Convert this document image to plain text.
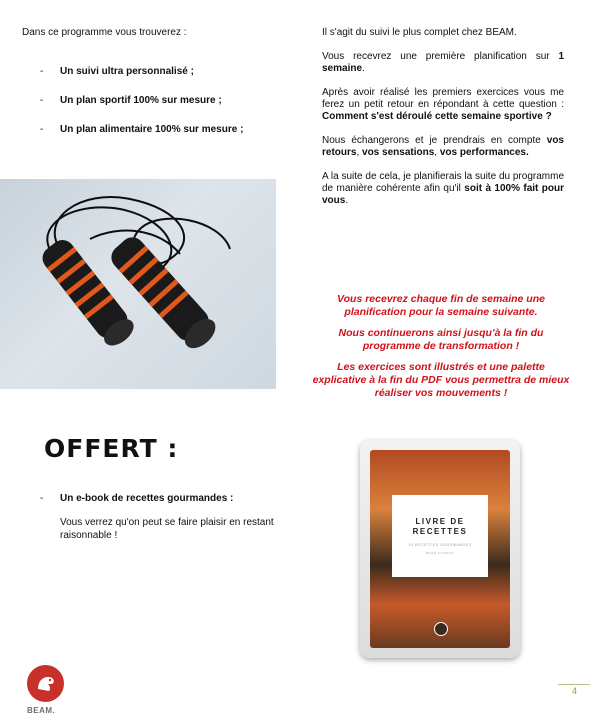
Dans ce programme vous trouverez :
- Un suivi ultra personnalisé ;
- Un plan sportif 100% sur mesure ;
- Un plan alimentaire 100% sur mesure ;

Il s'agit du suivi le plus complet chez BEAM.

Vous recevrez une première planification sur 1 semaine.

Après avoir réalisé les premiers exercices vous me ferez un petit retour en répondant à cette question : Comment s'est déroulé cette semaine sportive ?

Nous échangerons et je prendrais en compte vos retours, vos sensations, vos performances.

A la suite de cela, je planifierais la suite du programme de manière cohérente afin qu'il soit à 100% fait pour vous.

Vous recevrez chaque fin de semaine une planification pour la semaine suivante.

Nous continuerons ainsi jusqu'à la fin du programme de transformation !

Les exercices sont illustrés et une palette explicative à la fin du PDF vous permettra de mieux réaliser vos mouvements !

OFFERT :
- Un e-book de recettes gourmandes :
Vous verrez qu'on peut se faire plaisir en restant raisonnable !
LIVRE DE
RECETTES
15 RECETTES GOURMANDES
BEAM FITNESS
BEAM.
4
